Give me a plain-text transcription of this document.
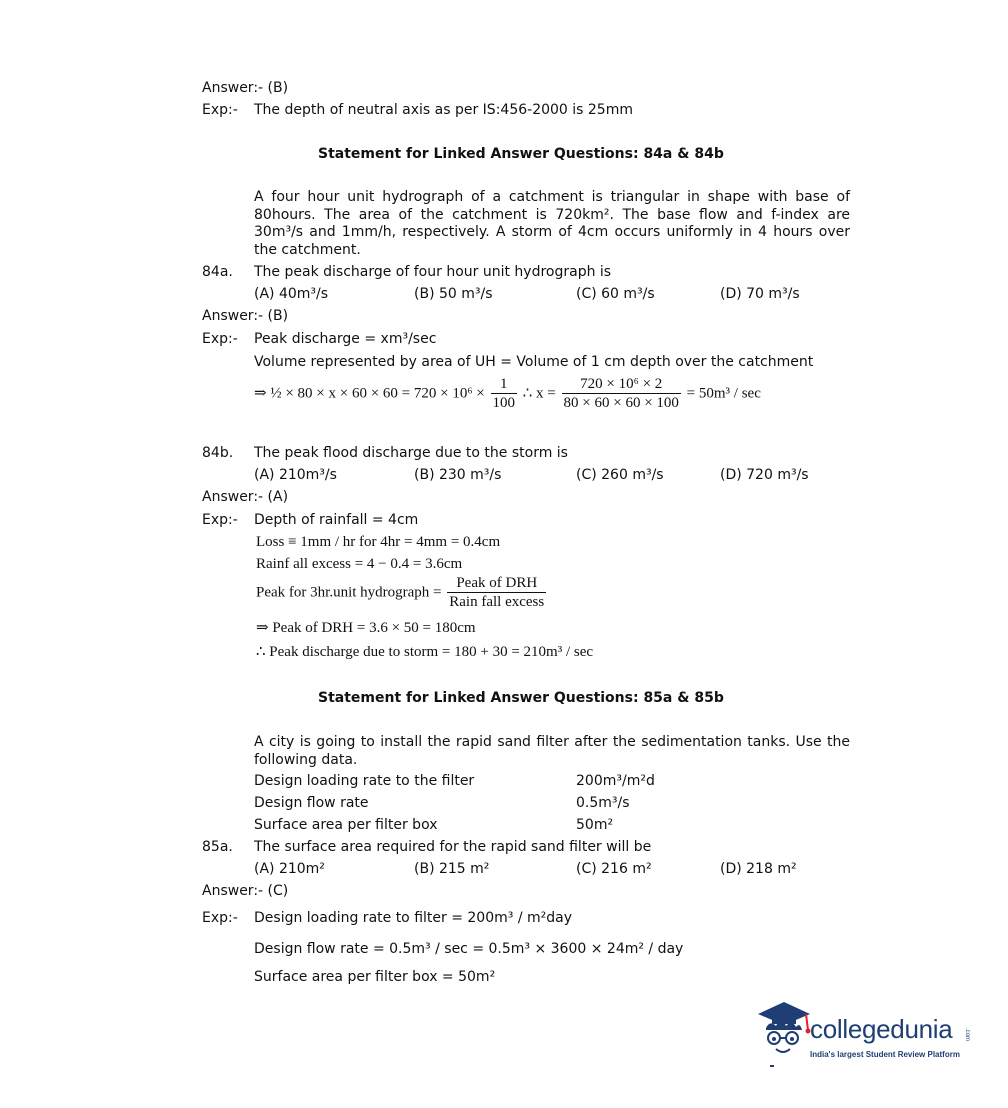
Answer:- (B)
Exp:- The depth of neutral axis as per IS:456-2000 is 25mm
Statement for Linked Answer Questions: 84a & 84b
A four hour unit hydrograph of a catchment is triangular in shape with base of 80hours. The area of the catchment is 720km². The base flow and f-index are 30m³/s and 1mm/h, respectively. A storm of 4cm occurs uniformly in 4 hours over the catchment.
84a. The peak discharge of four hour unit hydrograph is
(A) 40m³/s	(B) 50 m³/s	(C) 60 m³/s	(D) 70 m³/s
Answer:- (B)
Exp:- Peak discharge = xm³/sec
Volume represented by area of UH = Volume of 1 cm depth over the catchment
⇒ ½ × $80 \times x \times 60 \times 60 = 720 \times 10^6 \times \frac{1}{100}$ ∴ $x = \frac{\text{720 × 10⁶ × 2}}{80 \times 60 \times 60 \times 100} = 50m^3 / \sec$
84b. The peak flood discharge due to the storm is
(A) 210m³/s	(B) 230 m³/s	(C) 260 m³/s	(D) 720 m³/s
Answer:- (A)
Exp:- Depth of rainfall = 4cm
Loss ≡ 1mm / hr for 4hr = 4mm = 0.4cm
Rainf all excess = 4 − 0.4 = 3.6cm
Peak for 3hr.unit hydrograph = $\frac{\text{Peak of DRH}}{\text{Rain fall excess}}$
⇒ Peak of DRH = 3.6 × 50 = 180cm
∴ Peak discharge due to storm = 180 + 30 = 210m³ / sec
Statement for Linked Answer Questions: 85a & 85b
A city is going to install the rapid sand filter after the sedimentation tanks. Use the following data.
Design loading rate to the filter	200m³/m²d
Design flow rate	0.5m³/s
Surface area per filter box	50m²
85a. The surface area required for the rapid sand filter will be
(A) 210m²	(B) 215 m²	(C) 216 m²	(D) 218 m²
Answer:- (C)
Exp:- Design loading rate to filter = 200m³ / m²day
Design flow rate = 0.5m³ / sec = 0.5m³ × 3600 × 24m² / day
Surface area per filter box = 50m²
collegedunia .com
India's largest Student Review Platform
